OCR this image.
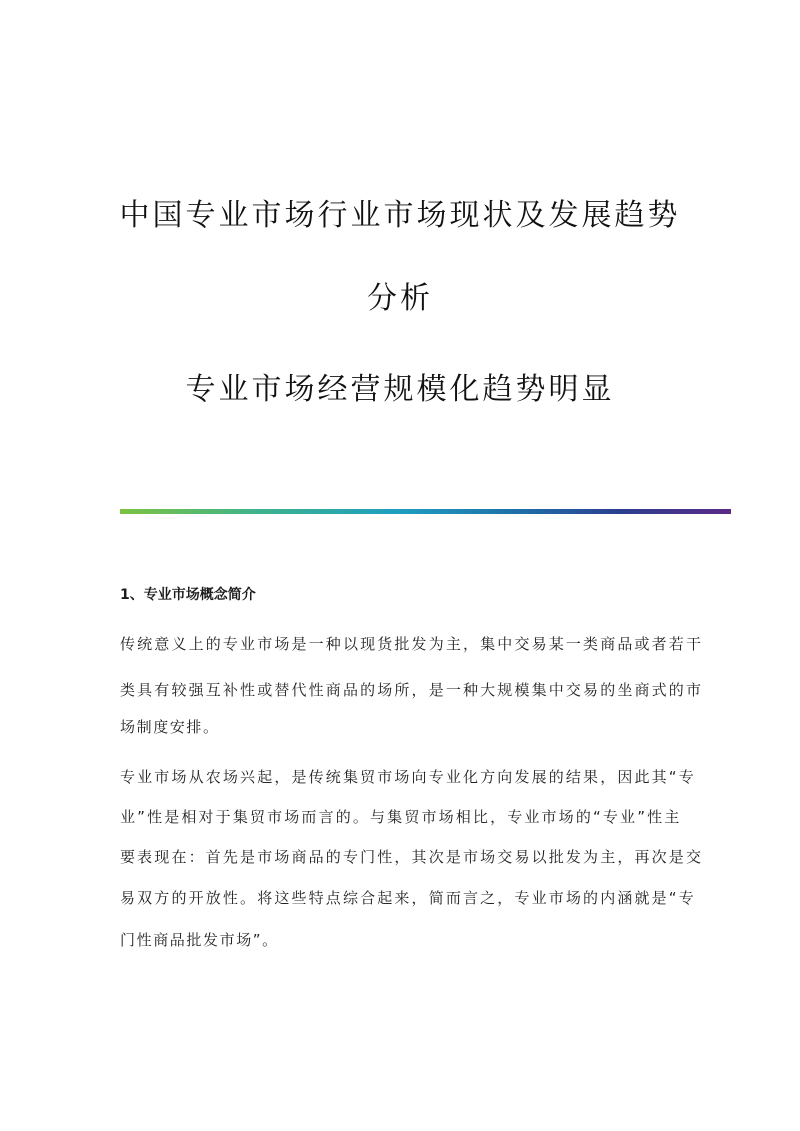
中国专业市场行业市场现状及发展趋势
分析
专业市场经营规模化趋势明显
1、专业市场概念简介
传统意义上的专业市场是一种以现货批发为主，集中交易某一类商品或者若干
类具有较强互补性或替代性商品的场所，是一种大规模集中交易的坐商式的市
场制度安排。
专业市场从农场兴起，是传统集贸市场向专业化方向发展的结果，因此其“专
业”性是相对于集贸市场而言的。与集贸市场相比，专业市场的“专业”性主
要表现在：首先是市场商品的专门性，其次是市场交易以批发为主，再次是交
易双方的开放性。将这些特点综合起来，简而言之，专业市场的内涵就是“专
门性商品批发市场”。
